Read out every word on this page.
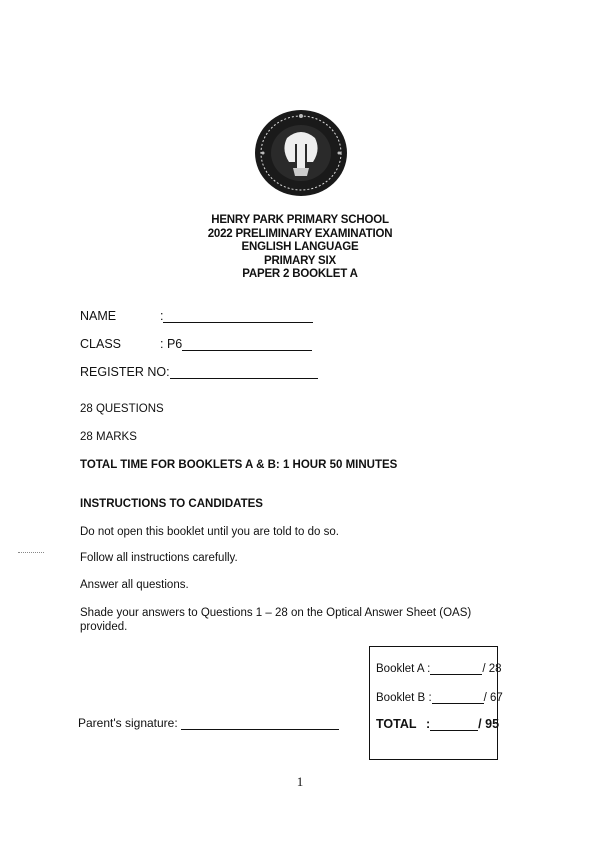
HENRY PARK PRIMARY SCHOOL
2022 PRELIMINARY EXAMINATION
ENGLISH LANGUAGE
PRIMARY SIX
PAPER 2 BOOKLET A
NAME	:
CLASS	: P6
REGISTER NO:
28 QUESTIONS
28 MARKS
TOTAL TIME FOR BOOKLETS A & B: 1 HOUR 50 MINUTES
INSTRUCTIONS TO CANDIDATES
Do not open this booklet until you are told to do so.
Follow all instructions carefully.
Answer all questions.
Shade your answers to Questions 1 – 28 on the Optical Answer Sheet (OAS)
provided.
Booklet A :	/ 28
Booklet B :	/ 67
TOTAL :	/ 95
Parent's signature:
1
